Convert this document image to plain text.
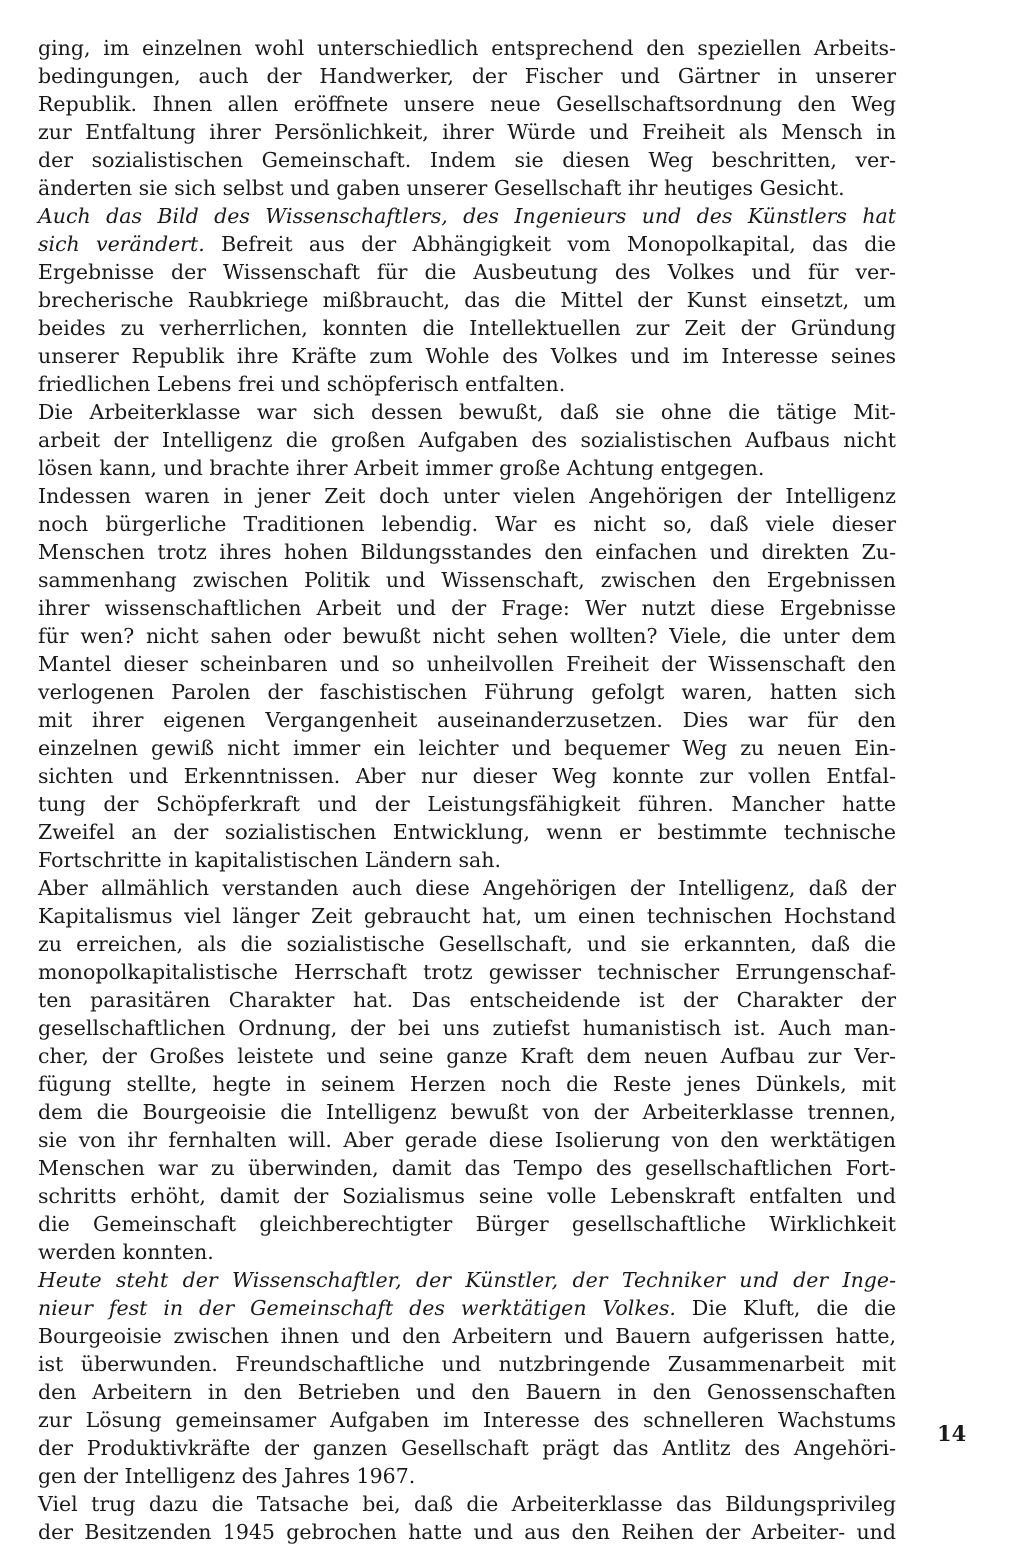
ging, im einzelnen wohl unterschiedlich entsprechend den speziellen Arbeits-
bedingungen, auch der Handwerker, der Fischer und Gärtner in unserer
Republik. Ihnen allen eröffnete unsere neue Gesellschaftsordnung den Weg
zur Entfaltung ihrer Persönlichkeit, ihrer Würde und Freiheit als Mensch in
der sozialistischen Gemeinschaft. Indem sie diesen Weg beschritten, ver-
änderten sie sich selbst und gaben unserer Gesellschaft ihr heutiges Gesicht.
Auch das Bild des Wissenschaftlers, des Ingenieurs und des Künstlers hat
sich verändert. Befreit aus der Abhängigkeit vom Monopolkapital, das die
Ergebnisse der Wissenschaft für die Ausbeutung des Volkes und für ver-
brecherische Raubkriege mißbraucht, das die Mittel der Kunst einsetzt, um
beides zu verherrlichen, konnten die Intellektuellen zur Zeit der Gründung
unserer Republik ihre Kräfte zum Wohle des Volkes und im Interesse seines
friedlichen Lebens frei und schöpferisch entfalten.
Die Arbeiterklasse war sich dessen bewußt, daß sie ohne die tätige Mit-
arbeit der Intelligenz die großen Aufgaben des sozialistischen Aufbaus nicht
lösen kann, und brachte ihrer Arbeit immer große Achtung entgegen.
Indessen waren in jener Zeit doch unter vielen Angehörigen der Intelligenz
noch bürgerliche Traditionen lebendig. War es nicht so, daß viele dieser
Menschen trotz ihres hohen Bildungsstandes den einfachen und direkten Zu-
sammenhang zwischen Politik und Wissenschaft, zwischen den Ergebnissen
ihrer wissenschaftlichen Arbeit und der Frage: Wer nutzt diese Ergebnisse
für wen? nicht sahen oder bewußt nicht sehen wollten? Viele, die unter dem
Mantel dieser scheinbaren und so unheilvollen Freiheit der Wissenschaft den
verlogenen Parolen der faschistischen Führung gefolgt waren, hatten sich
mit ihrer eigenen Vergangenheit auseinanderzusetzen. Dies war für den
einzelnen gewiß nicht immer ein leichter und bequemer Weg zu neuen Ein-
sichten und Erkenntnissen. Aber nur dieser Weg konnte zur vollen Entfal-
tung der Schöpferkraft und der Leistungsfähigkeit führen. Mancher hatte
Zweifel an der sozialistischen Entwicklung, wenn er bestimmte technische
Fortschritte in kapitalistischen Ländern sah.
Aber allmählich verstanden auch diese Angehörigen der Intelligenz, daß der
Kapitalismus viel länger Zeit gebraucht hat, um einen technischen Hochstand
zu erreichen, als die sozialistische Gesellschaft, und sie erkannten, daß die
monopolkapitalistische Herrschaft trotz gewisser technischer Errungenschaf-
ten parasitären Charakter hat. Das entscheidende ist der Charakter der
gesellschaftlichen Ordnung, der bei uns zutiefst humanistisch ist. Auch man-
cher, der Großes leistete und seine ganze Kraft dem neuen Aufbau zur Ver-
fügung stellte, hegte in seinem Herzen noch die Reste jenes Dünkels, mit
dem die Bourgeoisie die Intelligenz bewußt von der Arbeiterklasse trennen,
sie von ihr fernhalten will. Aber gerade diese Isolierung von den werktätigen
Menschen war zu überwinden, damit das Tempo des gesellschaftlichen Fort-
schritts erhöht, damit der Sozialismus seine volle Lebenskraft entfalten und
die Gemeinschaft gleichberechtigter Bürger gesellschaftliche Wirklichkeit
werden konnten.
Heute steht der Wissenschaftler, der Künstler, der Techniker und der Inge-
nieur fest in der Gemeinschaft des werktätigen Volkes. Die Kluft, die die
Bourgeoisie zwischen ihnen und den Arbeitern und Bauern aufgerissen hatte,
ist überwunden. Freundschaftliche und nutzbringende Zusammenarbeit mit
den Arbeitern in den Betrieben und den Bauern in den Genossenschaften
zur Lösung gemeinsamer Aufgaben im Interesse des schnelleren Wachstums
der Produktivkräfte der ganzen Gesellschaft prägt das Antlitz des Angehöri-
gen der Intelligenz des Jahres 1967.
Viel trug dazu die Tatsache bei, daß die Arbeiterklasse das Bildungsprivileg
der Besitzenden 1945 gebrochen hatte und aus den Reihen der Arbeiter- und
14
